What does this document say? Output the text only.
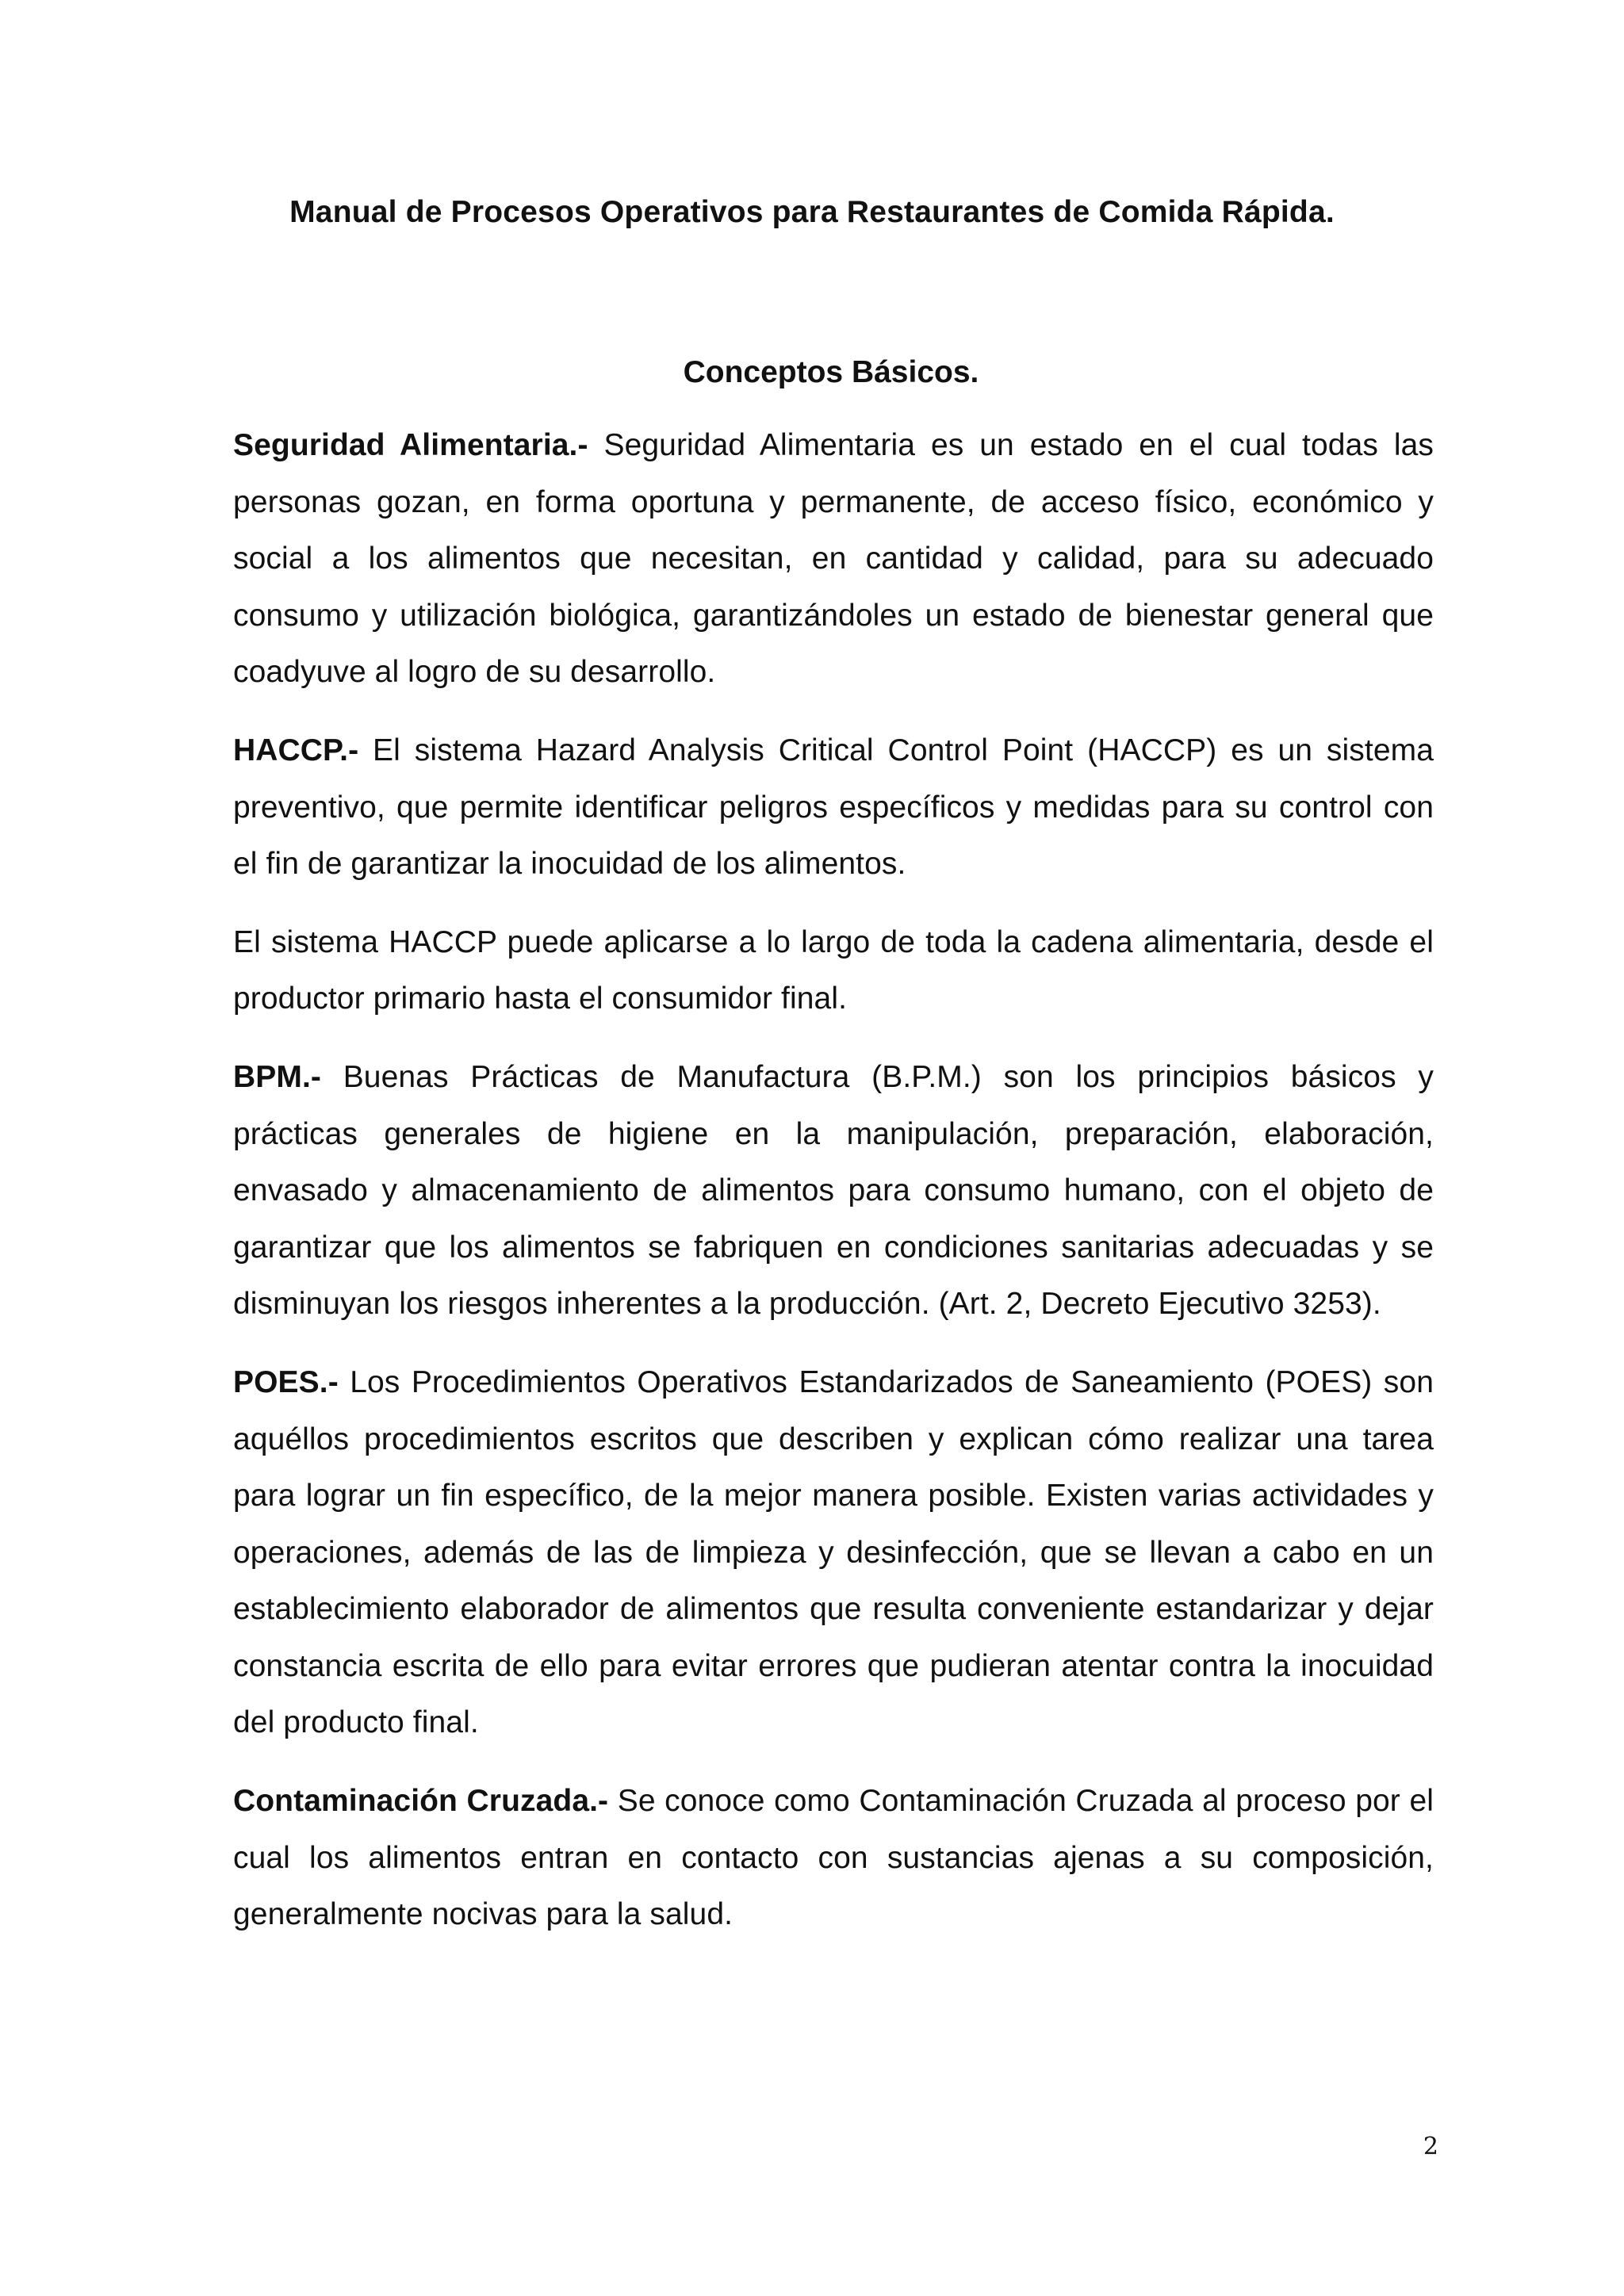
Manual de Procesos Operativos para Restaurantes de Comida Rápida.
Conceptos Básicos.

Seguridad Alimentaria.- Seguridad Alimentaria es un estado en el cual todas las personas gozan, en forma oportuna y permanente, de acceso físico, económico y social a los alimentos que necesitan, en cantidad y calidad, para su adecuado consumo y utilización biológica, garantizándoles un estado de bienestar general que coadyuve al logro de su desarrollo.

HACCP.- El sistema Hazard Analysis Critical Control Point (HACCP) es un sistema preventivo, que permite identificar peligros específicos y medidas para su control con el fin de garantizar la inocuidad de los alimentos.

El sistema HACCP puede aplicarse a lo largo de toda la cadena alimentaria, desde el productor primario hasta el consumidor final.

BPM.- Buenas Prácticas de Manufactura (B.P.M.) son los principios básicos y prácticas generales de higiene en la manipulación, preparación, elaboración, envasado y almacenamiento de alimentos para consumo humano, con el objeto de garantizar que los alimentos se fabriquen en condiciones sanitarias adecuadas y se disminuyan los riesgos inherentes a la producción. (Art. 2, Decreto Ejecutivo 3253).

POES.- Los Procedimientos Operativos Estandarizados de Saneamiento (POES) son aquéllos procedimientos escritos que describen y explican cómo realizar una tarea para lograr un fin específico, de la mejor manera posible. Existen varias actividades y operaciones, además de las de limpieza y desinfección, que se llevan a cabo en un establecimiento elaborador de alimentos que resulta conveniente estandarizar y dejar constancia escrita de ello para evitar errores que pudieran atentar contra la inocuidad del producto final.

Contaminación Cruzada.- Se conoce como Contaminación Cruzada al proceso por el cual los alimentos entran en contacto con sustancias ajenas a su composición, generalmente nocivas para la salud.

2
